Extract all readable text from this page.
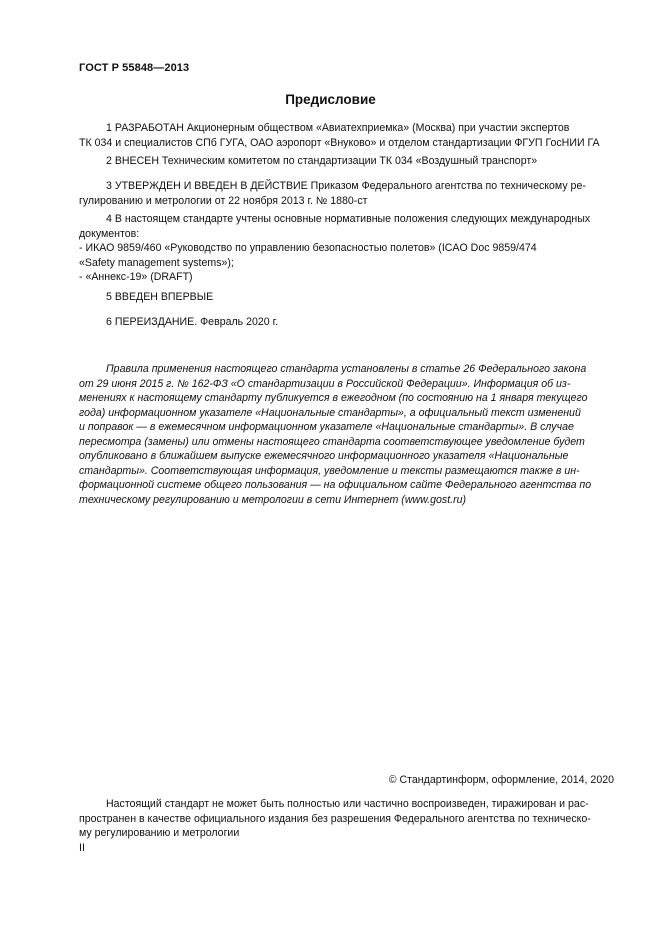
ГОСТ Р 55848—2013
Предисловие

1 РАЗРАБОТАН Акционерным обществом «Авиатехприемка» (Москва) при участии экспертов

ТК 034 и специалистов СПб ГУГА, ОАО аэропорт «Внуково» и отделом стандартизации ФГУП ГосНИИ ГА

2 ВНЕСЕН Техническим комитетом по стандартизации ТК 034 «Воздушный транспорт»

3 УТВЕРЖДЕН И ВВЕДЕН В ДЕЙСТВИЕ Приказом Федерального агентства по техническому ре-

гулированию и метрологии от 22 ноября 2013 г. № 1880-ст

4 В настоящем стандарте учтены основные нормативные положения следующих международных

документов:

- ИКАО 9859/460 «Руководство по управлению безопасностью полетов» (ICAO Doc 9859/474

«Safety management systems»);

- «Аннекс-19» (DRAFT)

5 ВВЕДЕН ВПЕРВЫЕ

6 ПЕРЕИЗДАНИЕ. Февраль 2020 г.

Правила применения настоящего стандарта установлены в статье 26 Федерального закона

от 29 июня 2015 г. № 162-ФЗ «О стандартизации в Российской Федерации». Информация об из-

менениях к настоящему стандарту публикуется в ежегодном (по состоянию на 1 января текущего

года) информационном указателе «Национальные стандарты», а официальный текст изменений

и поправок — в ежемесячном информационном указателе «Национальные стандарты». В случае

пересмотра (замены) или отмены настоящего стандарта соответствующее уведомление будет

опубликовано в ближайшем выпуске ежемесячного информационного указателя «Национальные

стандарты». Соответствующая информация, уведомление и тексты размещаются также в ин-

формационной системе общего пользования — на официальном сайте Федерального агентства по

техническому регулированию и метрологии в сети Интернет (www.gost.ru)

© Стандартинформ, оформление, 2014, 2020

Настоящий стандарт не может быть полностью или частично воспроизведен, тиражирован и рас-

пространен в качестве официального издания без разрешения Федерального агентства по техническо-

му регулированию и метрологии

II
